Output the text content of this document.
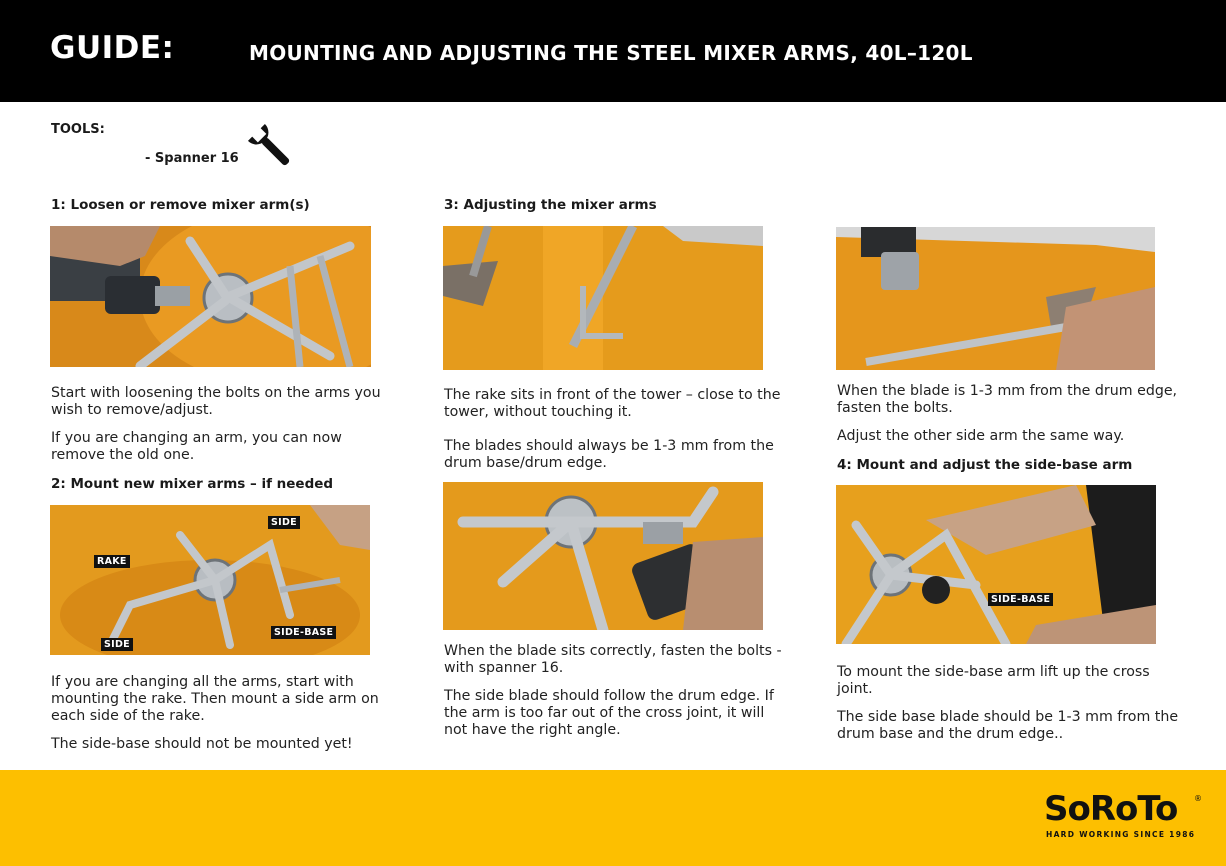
GUIDE:	MOUNTING AND ADJUSTING THE STEEL MIXER ARMS, 40L–120L
TOOLS:
- Spanner 16
1: Loosen or remove mixer arm(s)
Start with loosening the bolts on the arms you wish to remove/adjust.
If you are changing an arm, you can now remove the old one.
2: Mount new mixer arms – if needed
SIDE
RAKE
SIDE
SIDE-BASE
If you are changing all the arms, start with mounting the rake. Then mount a side arm on each side of the rake.
The side-base should not be mounted yet!
3: Adjusting the mixer arms
The rake sits in front of the tower – close to the tower, without touching it.
The blades should always be 1-3 mm from the drum base/drum edge.
When the blade sits correctly, fasten the bolts - with spanner 16.
The side blade should follow the drum edge. If the arm is too far out of the cross joint, it will not have the right angle.
When the blade is 1-3 mm from the drum edge, fasten the bolts.
Adjust the other side arm the same way.
4: Mount and adjust the side-base arm
SIDE-BASE
To mount the side-base arm lift up the cross joint.
The side base blade should be 1-3 mm from the drum base and the drum edge..
SoRoTo ®
HARD WORKING SINCE 1986
